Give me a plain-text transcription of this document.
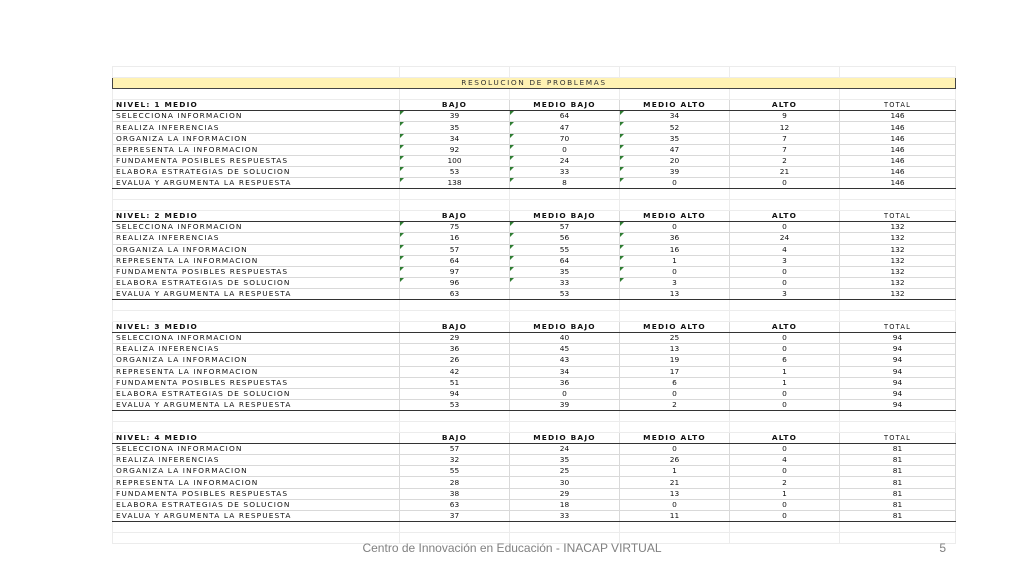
RESOLUCION DE PROBLEMAS					

NIVEL: 1 MEDIO	BAJO	MEDIO BAJO	MEDIO ALTO	ALTO	TOTAL
SELECCIONA INFORMACION	39	64	34	9	146
REALIZA INFERENCIAS	35	47	52	12	146
ORGANIZA LA INFORMACION	34	70	35	7	146
REPRESENTA LA INFORMACION	92	0	47	7	146
FUNDAMENTA POSIBLES RESPUESTAS	100	24	20	2	146
ELABORA ESTRATEGIAS DE SOLUCION	53	33	39	21	146
EVALUA Y ARGUMENTA LA RESPUESTA	138	8	0	0	146

NIVEL: 2 MEDIO	BAJO	MEDIO BAJO	MEDIO ALTO	ALTO	TOTAL
SELECCIONA INFORMACION	75	57	0	0	132
REALIZA INFERENCIAS	16	56	36	24	132
ORGANIZA LA INFORMACION	57	55	16	4	132
REPRESENTA LA INFORMACION	64	64	1	3	132
FUNDAMENTA POSIBLES RESPUESTAS	97	35	0	0	132
ELABORA ESTRATEGIAS DE SOLUCION	96	33	3	0	132
EVALUA Y ARGUMENTA LA RESPUESTA	63	53	13	3	132

NIVEL: 3 MEDIO	BAJO	MEDIO BAJO	MEDIO ALTO	ALTO	TOTAL
SELECCIONA INFORMACION	29	40	25	0	94
REALIZA INFERENCIAS	36	45	13	0	94
ORGANIZA LA INFORMACION	26	43	19	6	94
REPRESENTA LA INFORMACION	42	34	17	1	94
FUNDAMENTA POSIBLES RESPUESTAS	51	36	6	1	94
ELABORA ESTRATEGIAS DE SOLUCION	94	0	0	0	94
EVALUA Y ARGUMENTA LA RESPUESTA	53	39	2	0	94

NIVEL: 4 MEDIO	BAJO	MEDIO BAJO	MEDIO ALTO	ALTO	TOTAL
SELECCIONA INFORMACION	57	24	0	0	81
REALIZA INFERENCIAS	32	35	26	4	81
ORGANIZA LA INFORMACION	55	25	1	0	81
REPRESENTA LA INFORMACION	28	30	21	2	81
FUNDAMENTA POSIBLES RESPUESTAS	38	29	13	1	81
ELABORA ESTRATEGIAS DE SOLUCION	63	18	0	0	81
EVALUA Y ARGUMENTA LA RESPUESTA	37	33	11	0	81

Centro de Innovación en Educación - INACAP VIRTUAL	5
